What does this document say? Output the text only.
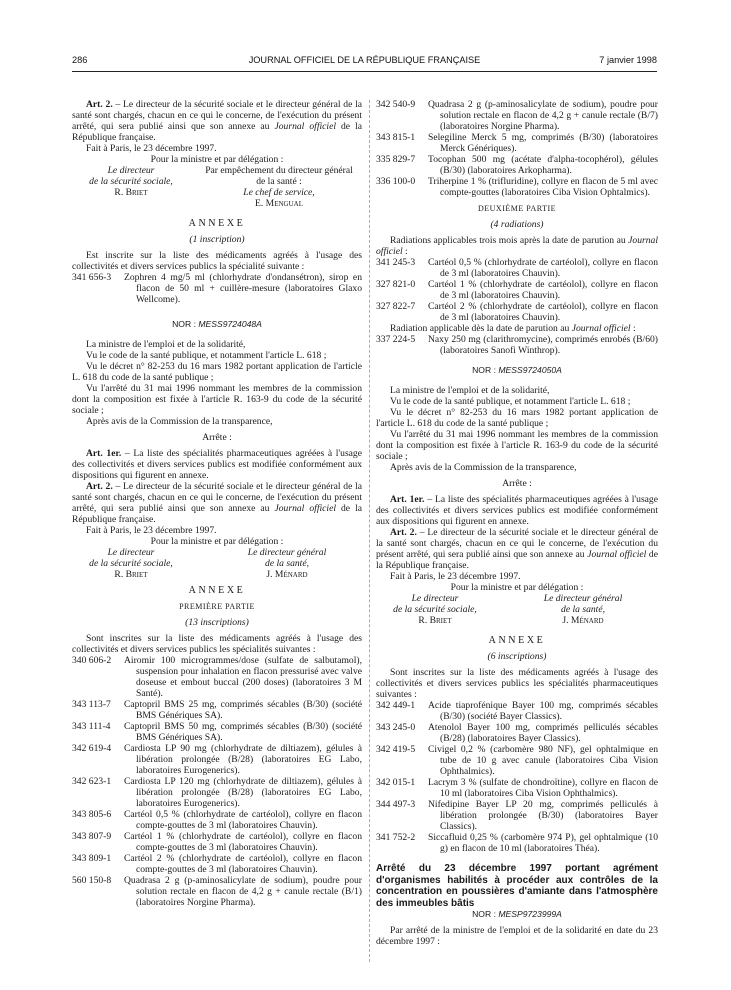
286	JOURNAL OFFICIEL DE LA RÉPUBLIQUE FRANÇAISE	7 janvier 1998

Art. 2. – Le directeur de la sécurité sociale et le directeur général de la santé sont chargés, chacun en ce qui le concerne, de l'exécution du présent arrêté, qui sera publié ainsi que son annexe au Journal officiel de la République française.

Fait à Paris, le 23 décembre 1997.

Pour la ministre et par délégation :

Le directeur
de la sécurité sociale,
R. Briet
Par empêchement du directeur général
de la santé :
Le chef de service,
E. Mengual

ANNEXE

(1 inscription)

Est inscrite sur la liste des médicaments agréés à l'usage des collectivités et divers services publics la spécialité suivante :

341 656-3	Zophren 4 mg/5 ml (chlorhydrate d'ondansétron), sirop en flacon de 50 ml + cuillère-mesure (laboratoires Glaxo Wellcome).

NOR : MESS9724048A

La ministre de l'emploi et de la solidarité,

Vu le code de la santé publique, et notamment l'article L. 618 ;

Vu le décret n° 82-253 du 16 mars 1982 portant application de l'article L. 618 du code de la santé publique ;

Vu l'arrêté du 31 mai 1996 nommant les membres de la commission dont la composition est fixée à l'article R. 163-9 du code de la sécurité sociale ;

Après avis de la Commission de la transparence,

Arrête :

Art. 1er. – La liste des spécialités pharmaceutiques agréées à l'usage des collectivités et divers services publics est modifiée conformément aux dispositions qui figurent en annexe.

Art. 2. – Le directeur de la sécurité sociale et le directeur général de la santé sont chargés, chacun en ce qui le concerne, de l'exécution du présent arrêté, qui sera publié ainsi que son annexe au Journal officiel de la République française.

Fait à Paris, le 23 décembre 1997.

Pour la ministre et par délégation :

Le directeur
de la sécurité sociale,
R. Briet
Le directeur général
de la santé,
J. Ménard

ANNEXE

PREMIÈRE PARTIE

(13 inscriptions)

Sont inscrites sur la liste des médicaments agréés à l'usage des collectivités et divers services publics les spécialités suivantes :

340 606-2	Airomir 100 microgrammes/dose (sulfate de salbutamol), suspension pour inhalation en flacon pressurisé avec valve doseuse et embout buccal (200 doses) (laboratoires 3 M Santé).
343 113-7	Captopril BMS 25 mg, comprimés sécables (B/30) (société BMS Génériques SA).
343 111-4	Captopril BMS 50 mg, comprimés sécables (B/30) (société BMS Génériques SA).
342 619-4	Cardiosta LP 90 mg (chlorhydrate de diltiazem), gélules à libération prolongée (B/28) (laboratoires EG Labo, laboratoires Eurogenerics).
342 623-1	Cardiosta LP 120 mg (chlorhydrate de diltiazem), gélules à libération prolongée (B/28) (laboratoires EG Labo, laboratoires Eurogenerics).
343 805-6	Cartéol 0,5 % (chlorhydrate de cartéolol), collyre en flacon compte-gouttes de 3 ml (laboratoires Chauvin).
343 807-9	Cartéol 1 % (chlorhydrate de cartéolol), collyre en flacon compte-gouttes de 3 ml (laboratoires Chauvin).
343 809-1	Cartéol 2 % (chlorhydrate de cartéolol), collyre en flacon compte-gouttes de 3 ml (laboratoires Chauvin).
560 150-8	Quadrasa 2 g (p-aminosalicylate de sodium), poudre pour solution rectale en flacon de 4,2 g + canule rectale (B/1) (laboratoires Norgine Pharma).
342 540-9	Quadrasa 2 g (p-aminosalicylate de sodium), poudre pour solution rectale en flacon de 4,2 g + canule rectale (B/7) (laboratoires Norgine Pharma).
343 815-1	Selegiline Merck 5 mg, comprimés (B/30) (laboratoires Merck Génériques).
335 829-7	Tocophan 500 mg (acétate d'alpha-tocophérol), gélules (B/30) (laboratoires Arkopharma).
336 100-0	Triherpine 1 % (trifluridine), collyre en flacon de 5 ml avec compte-gouttes (laboratoires Ciba Vision Ophtalmics).

DEUXIÈME PARTIE

(4 radiations)

Radiations applicables trois mois après la date de parution au Journal officiel :

341 245-3	Cartéol 0,5 % (chlorhydrate de cartéolol), collyre en flacon de 3 ml (laboratoires Chauvin).
327 821-0	Cartéol 1 % (chlorhydrate de cartéolol), collyre en flacon de 3 ml (laboratoires Chauvin).
327 822-7	Cartéol 2 % (chlorhydrate de cartéolol), collyre en flacon de 3 ml (laboratoires Chauvin).

Radiation applicable dès la date de parution au Journal officiel :

337 224-5	Naxy 250 mg (clarithromycine), comprimés enrobés (B/60) (laboratoires Sanofi Winthrop).

NOR : MESS9724050A

La ministre de l'emploi et de la solidarité,

Vu le code de la santé publique, et notamment l'article L. 618 ;

Vu le décret n° 82-253 du 16 mars 1982 portant application de l'article L. 618 du code de la santé publique ;

Vu l'arrêté du 31 mai 1996 nommant les membres de la commission dont la composition est fixée à l'article R. 163-9 du code de la sécurité sociale ;

Après avis de la Commission de la transparence,

Arrête :

Art. 1er. – La liste des spécialités pharmaceutiques agréées à l'usage des collectivités et divers services publics est modifiée conformément aux dispositions qui figurent en annexe.

Art. 2. – Le directeur de la sécurité sociale et le directeur général de la santé sont chargés, chacun en ce qui le concerne, de l'exécution du présent arrêté, qui sera publié ainsi que son annexe au Journal officiel de la République française.

Fait à Paris, le 23 décembre 1997.

Pour la ministre et par délégation :

Le directeur
de la sécurité sociale,
R. Briet
Le directeur général
de la santé,
J. Ménard

ANNEXE

(6 inscriptions)

Sont inscrites sur la liste des médicaments agréés à l'usage des collectivités et divers services publics les spécialités pharmaceutiques suivantes :

342 449-1	Acide tiaprofénique Bayer 100 mg, comprimés sécables (B/30) (société Bayer Classics).
343 245-0	Atenolol Bayer 100 mg, comprimés pelliculés sécables (B/28) (laboratoires Bayer Classics).
342 419-5	Civigel 0,2 % (carbomère 980 NF), gel ophtalmique en tube de 10 g avec canule (laboratoires Ciba Vision Ophthalmics).
342 015-1	Lacrym 3 % (sulfate de chondroïtine), collyre en flacon de 10 ml (laboratoires Ciba Vision Ophthalmics).
344 497-3	Nifedipine Bayer LP 20 mg, comprimés pelliculés à libération prolongée (B/30) (laboratoires Bayer Classics).
341 752-2	Siccafluid 0,25 % (carbomère 974 P), gel ophtalmique (10 g) en flacon de 10 ml (laboratoires Théa).

Arrêté du 23 décembre 1997 portant agrément d'organismes habilités à procéder aux contrôles de la concentration en poussières d'amiante dans l'atmosphère des immeubles bâtis

NOR : MESP9723999A

Par arrêté de la ministre de l'emploi et de la solidarité en date du 23 décembre 1997 :
